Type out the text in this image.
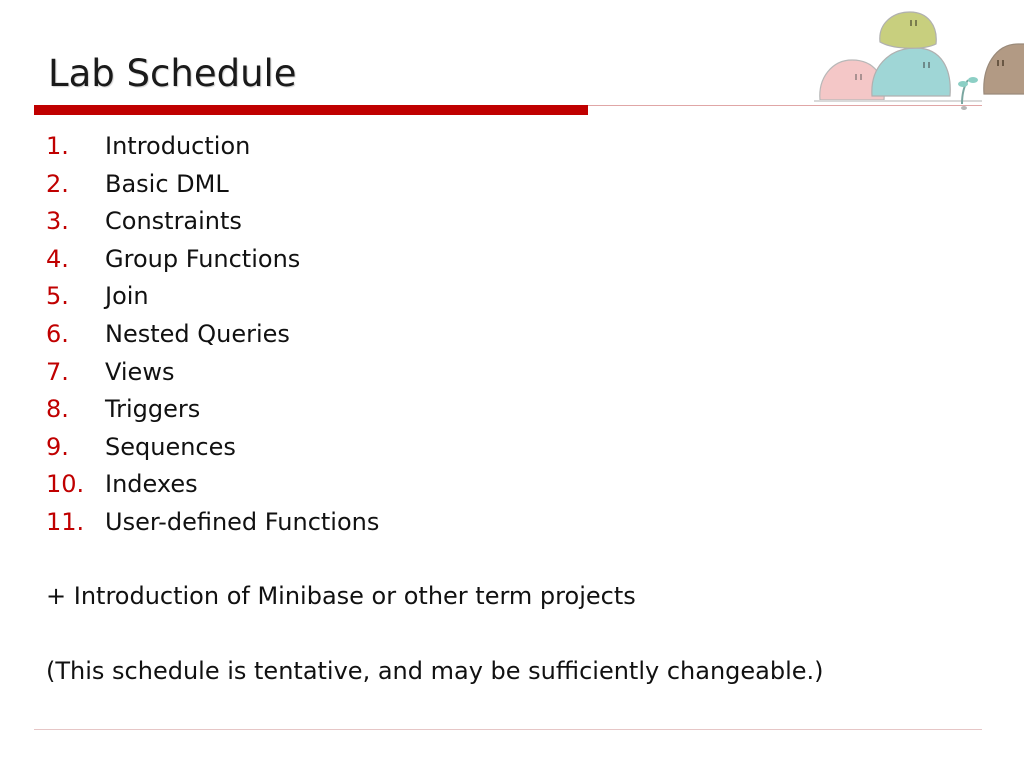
Lab Schedule
1.	Introduction
2.	Basic DML
3.	Constraints
4.	Group Functions
5.	Join
6.	Nested Queries
7.	Views
8.	Triggers
9.	Sequences
10. Indexes
11. User-defined Functions
+ Introduction of Minibase or other term projects
(This schedule is tentative, and may be sufficiently changeable.)
